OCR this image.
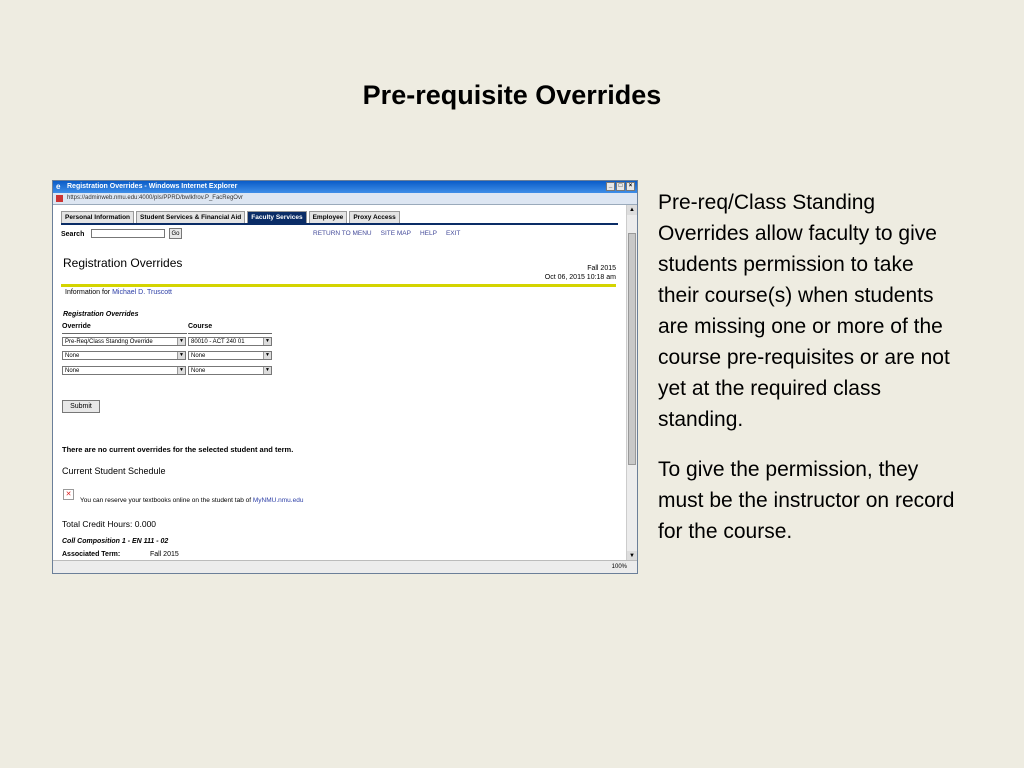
Pre-requisite Overrides

Pre-req/Class Standing Overrides allow faculty to give students permission to take their course(s) when students are missing one or more of the course pre-requisites or are not yet at the required class standing.

To give the permission, they must be the instructor on record for the course.

e Registration Overrides - Windows Internet Explorer	_	□	×
https://adminweb.nmu.edu:4000/pls/PPRD/bwlkfrov.P_FacRegOvr
Personal Information	Student Services & Financial Aid	Faculty Services	Employee	Proxy Access
Search	Go	RETURN TO MENU SITE MAP HELP EXIT
Registration Overrides	Fall 2015
Oct 06, 2015 10:18 am
Information for Michael D. Truscott
Registration Overrides
Override	Course
Pre-Req/Class Standng Override	▼	80010 - ACT 240 01	▼
None	▼	None	▼
None	▼	None	▼
Submit
There are no current overrides for the selected student and term.
Current Student Schedule
✕
You can reserve your textbooks online on the student tab of MyNMU.nmu.edu
Total Credit Hours: 0.000
Coll Composition 1 - EN 111 - 02
Associated Term:	Fall 2015
▲
▼
100%
